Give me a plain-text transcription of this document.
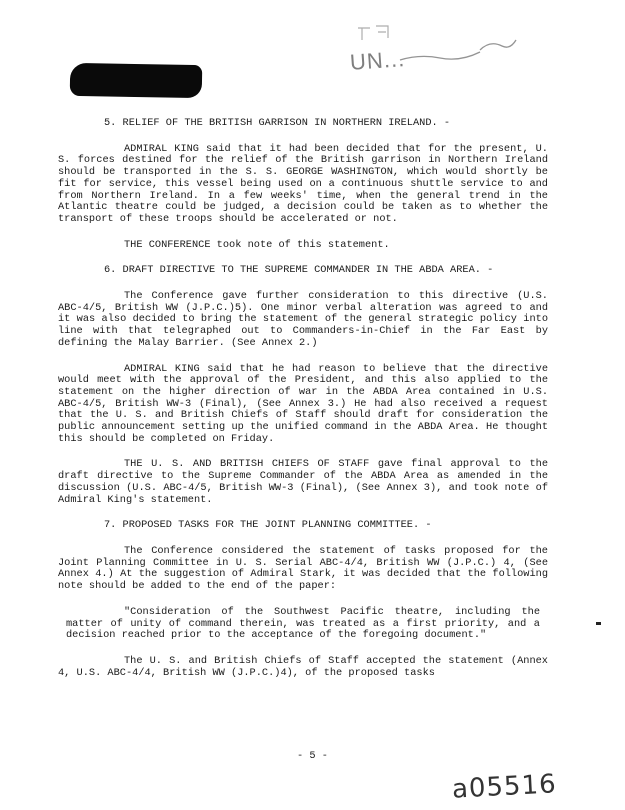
UN...

5. RELIEF OF THE BRITISH GARRISON IN NORTHERN IRELAND. -

ADMIRAL KING said that it had been decided that for the present, U. S. forces destined for the relief of the British garrison in Northern Ireland should be transported in the S. S. GEORGE WASHINGTON, which would shortly be fit for service, this vessel being used on a continuous shuttle service to and from Northern Ireland. In a few weeks' time, when the general trend in the Atlantic theatre could be judged, a decision could be taken as to whether the transport of these troops should be accelerated or not.

THE CONFERENCE took note of this statement.

6. DRAFT DIRECTIVE TO THE SUPREME COMMANDER IN THE ABDA AREA. -

The Conference gave further consideration to this directive (U.S. ABC-4/5, British WW (J.P.C.)5). One minor verbal alteration was agreed to and it was also decided to bring the statement of the general strategic policy into line with that telegraphed out to Commanders-in-Chief in the Far East by defining the Malay Barrier. (See Annex 2.)

ADMIRAL KING said that he had reason to believe that the directive would meet with the approval of the President, and this also applied to the statement on the higher direction of war in the ABDA Area contained in U.S. ABC-4/5, British WW-3 (Final), (See Annex 3.) He had also received a request that the U. S. and British Chiefs of Staff should draft for consideration the public announcement setting up the unified command in the ABDA Area. He thought this should be completed on Friday.

THE U. S. AND BRITISH CHIEFS OF STAFF gave final approval to the draft directive to the Supreme Commander of the ABDA Area as amended in the discussion (U.S. ABC-4/5, British WW-3 (Final), (See Annex 3), and took note of Admiral King's statement.

7. PROPOSED TASKS FOR THE JOINT PLANNING COMMITTEE. -

The Conference considered the statement of tasks proposed for the Joint Planning Committee in U. S. Serial ABC-4/4, British WW (J.P.C.) 4, (See Annex 4.) At the suggestion of Admiral Stark, it was decided that the following note should be added to the end of the paper:

"Consideration of the Southwest Pacific theatre, including the matter of unity of command therein, was treated as a first priority, and a decision reached prior to the acceptance of the foregoing document."

The U. S. and British Chiefs of Staff accepted the statement (Annex 4, U.S. ABC-4/4, British WW (J.P.C.)4), of the proposed tasks

- 5 -
a05516
